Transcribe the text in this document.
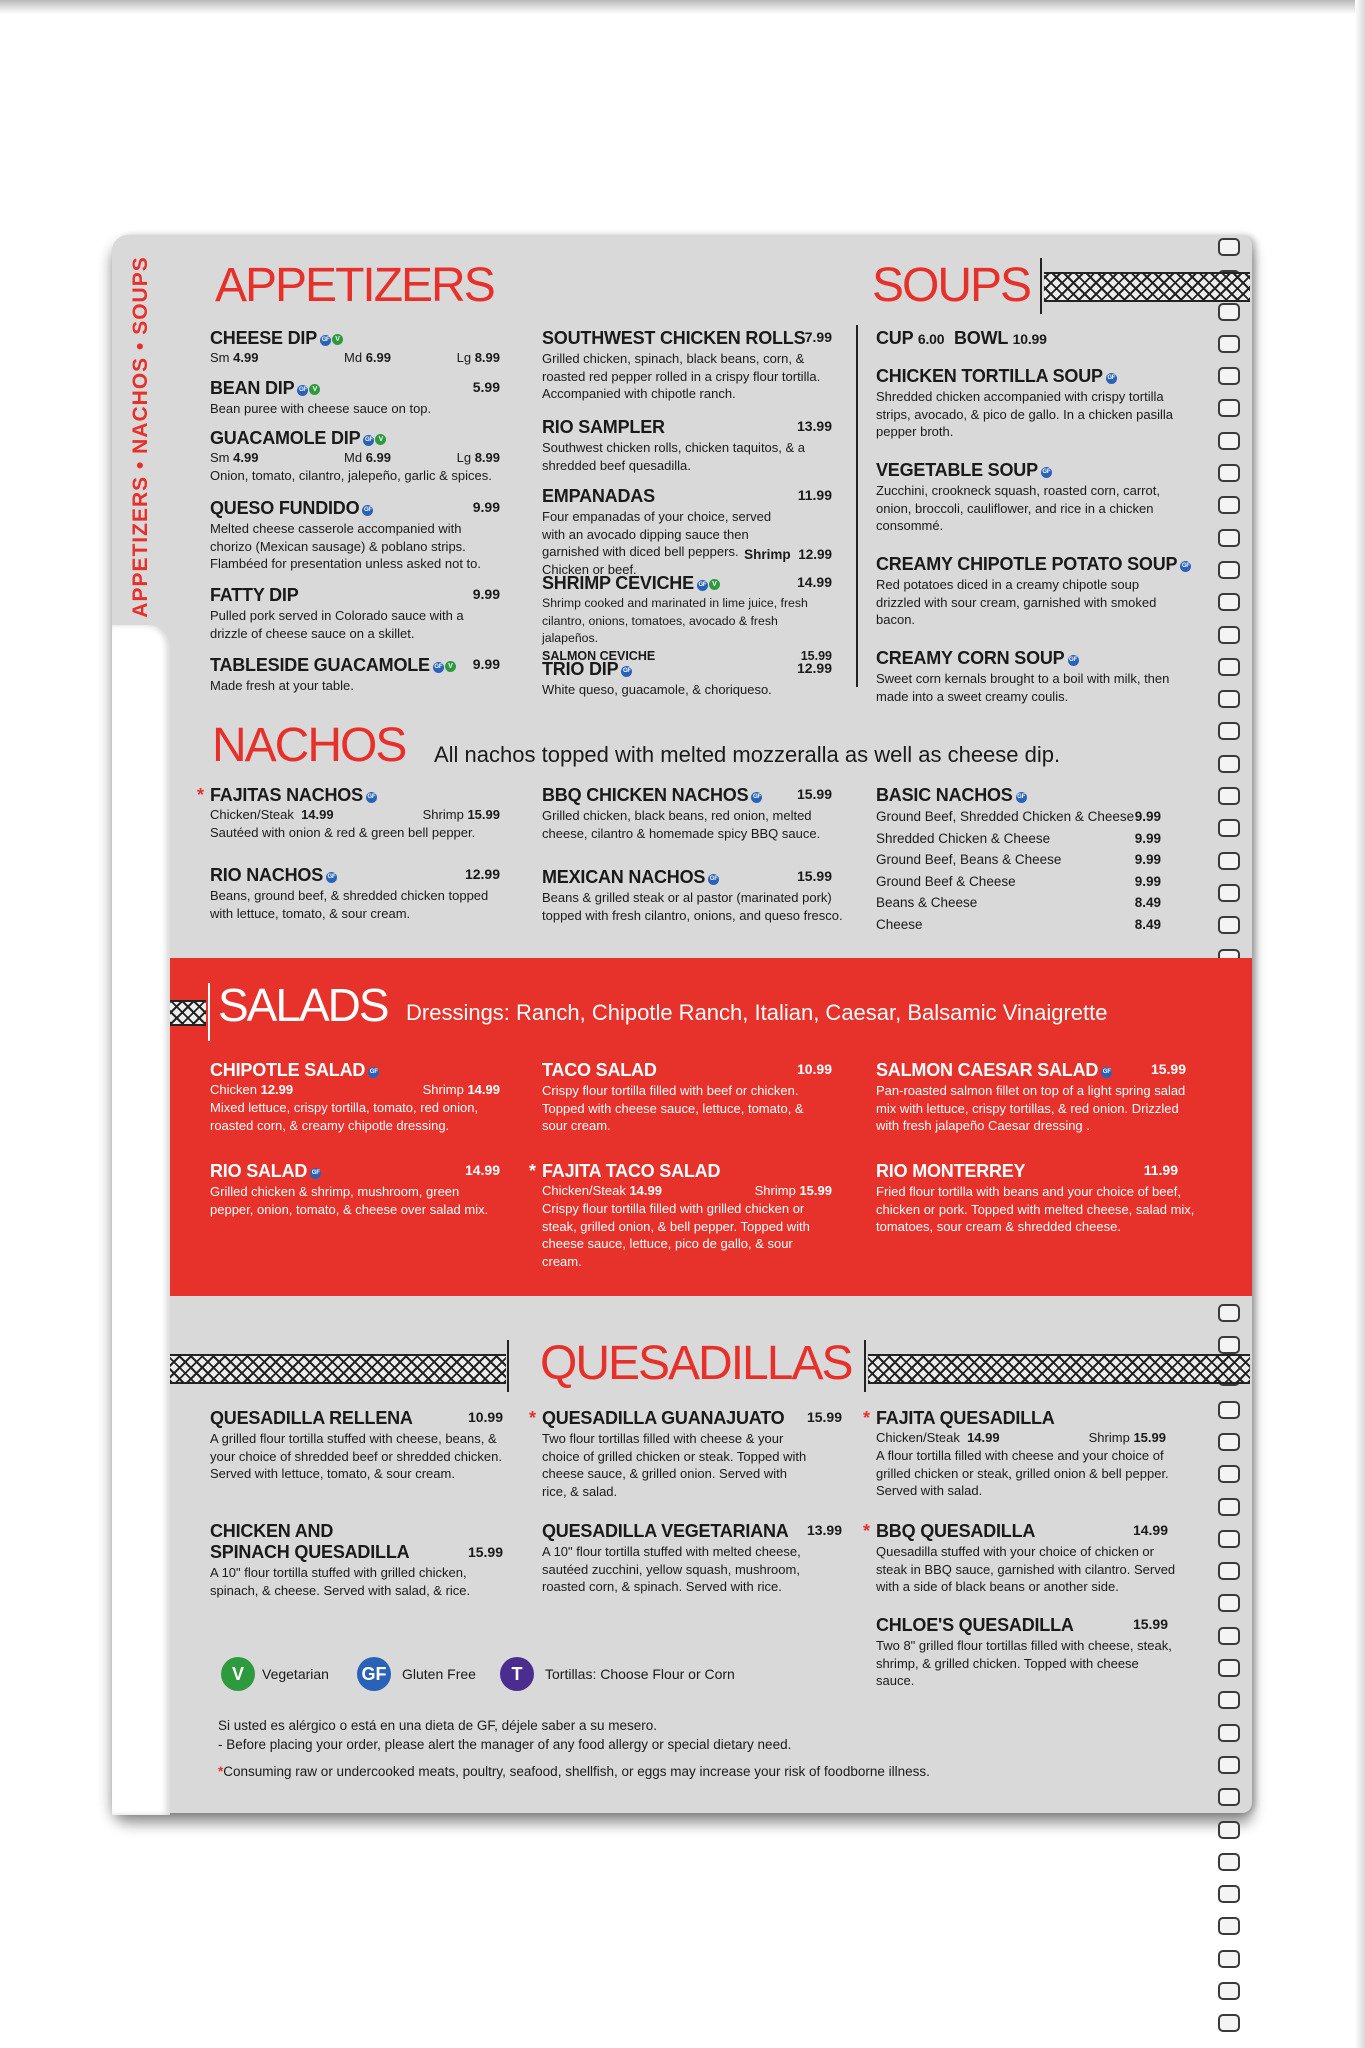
APPETIZERS • NACHOS • SOUPS APPETIZERS
CHEESE DIP GF V
Sm 4.99	Md 6.99	Lg 8.99
BEAN DIP GF V	5.99
Bean puree with cheese sauce on top.
GUACAMOLE DIP GF V
Sm 4.99	Md 6.99	Lg 8.99
Onion, tomato, cilantro, jalepeño, garlic & spices.
QUESO FUNDIDO GF	9.99
Melted cheese casserole accompanied with chorizo (Mexican sausage) & poblano strips. Flambéed for presentation unless asked not to.
FATTY DIP	9.99
Pulled pork served in Colorado sauce with a drizzle of cheese sauce on a skillet.
TABLESIDE GUACAMOLE GF V	9.99
Made fresh at your table.
SOUTHWEST CHICKEN ROLLS 7.99
Grilled chicken, spinach, black beans, corn, & roasted red pepper rolled in a crispy flour tortilla. Accompanied with chipotle ranch.
RIO SAMPLER	13.99
Southwest chicken rolls, chicken taquitos, & a shredded beef quesadilla.
EMPANADAS	11.99
Four empanadas of your choice, served with an avocado dipping sauce then garnished with diced bell peppers. Chicken or beef.
Shrimp 12.99
SHRIMP CEVICHE GF V	14.99
Shrimp cooked and marinated in lime juice, fresh cilantro, onions, tomatoes, avocado & fresh jalapeños.
SALMON CEVICHE	15.99
TRIO DIP GF	12.99
White queso, guacamole, & choriqueso.
SOUPS
CUP 6.00 BOWL 10.99
CHICKEN TORTILLA SOUP GF
Shredded chicken accompanied with crispy tortilla strips, avocado, & pico de gallo. In a chicken pasilla pepper broth.
VEGETABLE SOUP GF
Zucchini, crookneck squash, roasted corn, carrot, onion, broccoli, cauliflower, and rice in a chicken consommé.
CREAMY CHIPOTLE POTATO SOUP GF
Red potatoes diced in a creamy chipotle soup drizzled with sour cream, garnished with smoked bacon.
CREAMY CORN SOUP GF
Sweet corn kernals brought to a boil with milk, then made into a sweet creamy coulis.
NACHOS All nachos topped with melted mozzeralla as well as cheese dip.
* FAJITAS NACHOS GF
Chicken/Steak 14.99	Shrimp 15.99
Sautéed with onion & red & green bell pepper.
RIO NACHOS GF	12.99
Beans, ground beef, & shredded chicken topped with lettuce, tomato, & sour cream.
BBQ CHICKEN NACHOS GF	15.99
Grilled chicken, black beans, red onion, melted cheese, cilantro & homemade spicy BBQ sauce.
MEXICAN NACHOS GF	15.99
Beans & grilled steak or al pastor (marinated pork) topped with fresh cilantro, onions, and queso fresco.
BASIC NACHOS GF
Ground Beef, Shredded Chicken & Cheese 9.99
Shredded Chicken & Cheese	9.99
Ground Beef, Beans & Cheese	9.99
Ground Beef & Cheese	9.99
Beans & Cheese	8.49
Cheese	8.49
SALADS Dressings: Ranch, Chipotle Ranch, Italian, Caesar, Balsamic Vinaigrette
CHIPOTLE SALAD GF
Chicken 12.99	Shrimp 14.99
Mixed lettuce, crispy tortilla, tomato, red onion, roasted corn, & creamy chipotle dressing.
RIO SALAD GF	14.99
Grilled chicken & shrimp, mushroom, green pepper, onion, tomato, & cheese over salad mix.
TACO SALAD	10.99
Crispy flour tortilla filled with beef or chicken. Topped with cheese sauce, lettuce, tomato, & sour cream.
* FAJITA TACO SALAD
Chicken/Steak 14.99	Shrimp 15.99
Crispy flour tortilla filled with grilled chicken or steak, grilled onion, & bell pepper. Topped with cheese sauce, lettuce, pico de gallo, & sour cream.
SALMON CAESAR SALAD GF	15.99
Pan-roasted salmon fillet on top of a light spring salad mix with lettuce, crispy tortillas, & red onion. Drizzled with fresh jalapeño Caesar dressing .
RIO MONTERREY	11.99
Fried flour tortilla with beans and your choice of beef, chicken or pork. Topped with melted cheese, salad mix, tomatoes, sour cream & shredded cheese.
QUESADILLAS
QUESADILLA RELLENA	10.99
A grilled flour tortilla stuffed with cheese, beans, & your choice of shredded beef or shredded chicken. Served with lettuce, tomato, & sour cream.
CHICKEN AND
SPINACH QUESADILLA	15.99
A 10" flour tortilla stuffed with grilled chicken, spinach, & cheese. Served with salad, & rice.
* QUESADILLA GUANAJUATO	15.99
Two flour tortillas filled with cheese & your choice of grilled chicken or steak. Topped with cheese sauce, & grilled onion. Served with rice, & salad.
QUESADILLA VEGETARIANA	13.99
A 10" flour tortilla stuffed with melted cheese, sautéed zucchini, yellow squash, mushroom, roasted corn, & spinach. Served with rice.
* FAJITA QUESADILLA
Chicken/Steak 14.99	Shrimp 15.99
A flour tortilla filled with cheese and your choice of grilled chicken or steak, grilled onion & bell pepper. Served with salad.
* BBQ QUESADILLA	14.99
Quesadilla stuffed with your choice of chicken or steak in BBQ sauce, garnished with cilantro. Served with a side of black beans or another side.
CHLOE'S QUESADILLA	15.99
Two 8" grilled flour tortillas filled with cheese, steak, shrimp, & grilled chicken. Topped with cheese sauce.
V	Vegetarian GF	Gluten Free	T	Tortillas: Choose Flour or Corn
Si usted es alérgico o está en una dieta de GF, déjele saber a su mesero.
- Before placing your order, please alert the manager of any food allergy or special dietary need.
*Consuming raw or undercooked meats, poultry, seafood, shellfish, or eggs may increase your risk of foodborne illness.
